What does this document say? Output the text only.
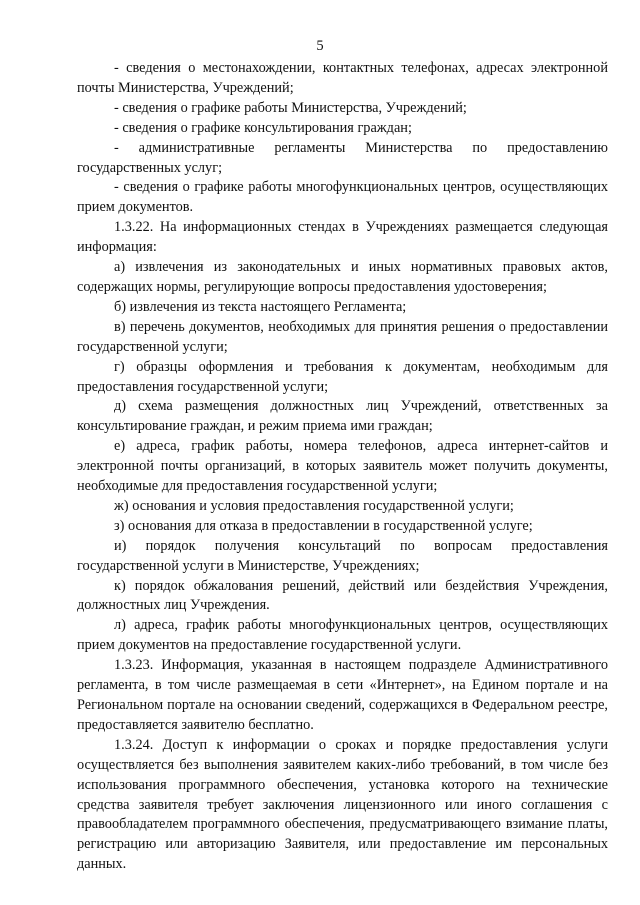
5

- сведения о местонахождении, контактных телефонах, адресах электронной почты Министерства, Учреждений;

- сведения о графике работы Министерства, Учреждений;

- сведения о графике консультирования граждан;

- административные регламенты Министерства по предоставлению государственных услуг;

- сведения о графике работы многофункциональных центров, осуществляющих прием документов.

1.3.22. На информационных стендах в Учреждениях размещается следующая информация:

а) извлечения из законодательных и иных нормативных правовых актов, содержащих нормы, регулирующие вопросы предоставления удостоверения;

б) извлечения из текста настоящего Регламента;

в) перечень документов, необходимых для принятия решения о предоставлении государственной услуги;

г) образцы оформления и требования к документам, необходимым для предоставления государственной услуги;

д) схема размещения должностных лиц Учреждений, ответственных за консультирование граждан, и режим приема ими граждан;

е) адреса, график работы, номера телефонов, адреса интернет-сайтов и электронной почты организаций, в которых заявитель может получить документы, необходимые для предоставления государственной услуги;

ж) основания и условия предоставления государственной услуги;

з) основания для отказа в предоставлении в государственной услуге;

и) порядок получения консультаций по вопросам предоставления государственной услуги в Министерстве, Учреждениях;

к) порядок обжалования решений, действий или бездействия Учреждения, должностных лиц Учреждения.

л) адреса, график работы многофункциональных центров, осуществляющих прием документов на предоставление государственной услуги.

1.3.23. Информация, указанная в настоящем подразделе Административного регламента, в том числе размещаемая в сети «Интернет», на Едином портале и на Региональном портале на основании сведений, содержащихся в Федеральном реестре, предоставляется заявителю бесплатно.

1.3.24. Доступ к информации о сроках и порядке предоставления услуги осуществляется без выполнения заявителем каких-либо требований, в том числе без использования программного обеспечения, установка которого на технические средства заявителя требует заключения лицензионного или иного соглашения с правообладателем программного обеспечения, предусматривающего взимание платы, регистрацию или авторизацию Заявителя, или предоставление им персональных данных.
